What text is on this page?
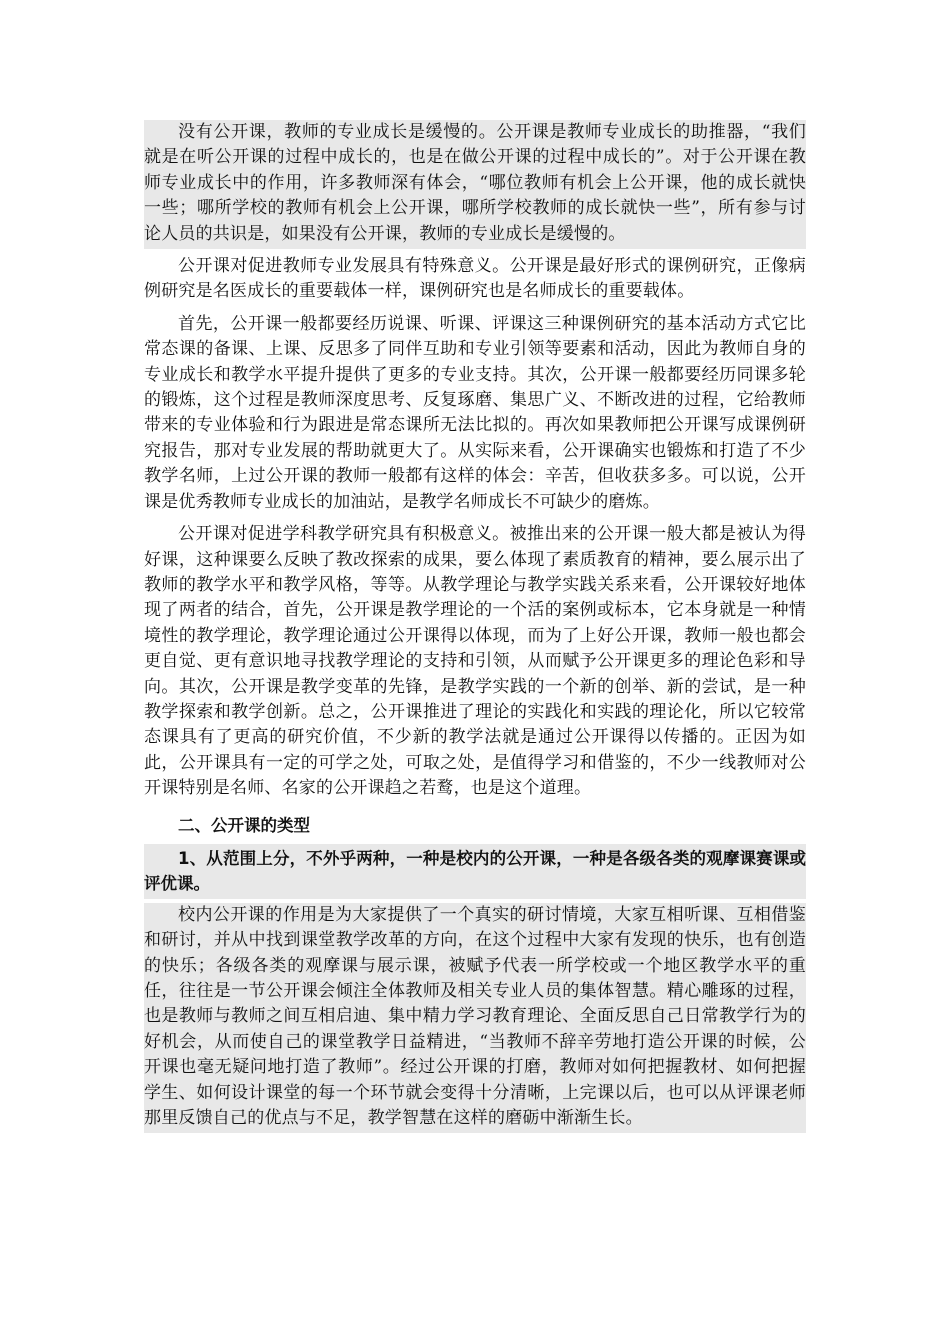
没有公开课，教师的专业成长是缓慢的。公开课是教师专业成长的助推器，“我们就是在听公开课的过程中成长的，也是在做公开课的过程中成长的”。对于公开课在教师专业成长中的作用，许多教师深有体会，“哪位教师有机会上公开课，他的成长就快一些；哪所学校的教师有机会上公开课，哪所学校教师的成长就快一些”，所有参与讨论人员的共识是，如果没有公开课，教师的专业成长是缓慢的。

公开课对促进教师专业发展具有特殊意义。公开课是最好形式的课例研究，正像病例研究是名医成长的重要载体一样，课例研究也是名师成长的重要载体。

首先，公开课一般都要经历说课、听课、评课这三种课例研究的基本活动方式它比常态课的备课、上课、反思多了同伴互助和专业引领等要素和活动，因此为教师自身的专业成长和教学水平提升提供了更多的专业支持。其次，公开课一般都要经历同课多轮的锻炼，这个过程是教师深度思考、反复琢磨、集思广义、不断改进的过程，它给教师带来的专业体验和行为跟进是常态课所无法比拟的。再次如果教师把公开课写成课例研究报告，那对专业发展的帮助就更大了。从实际来看，公开课确实也锻炼和打造了不少教学名师，上过公开课的教师一般都有这样的体会：辛苦，但收获多多。可以说，公开课是优秀教师专业成长的加油站，是教学名师成长不可缺少的磨炼。

公开课对促进学科教学研究具有积极意义。被推出来的公开课一般大都是被认为得好课，这种课要么反映了教改探索的成果，要么体现了素质教育的精神，要么展示出了教师的教学水平和教学风格，等等。从教学理论与教学实践关系来看，公开课较好地体现了两者的结合，首先，公开课是教学理论的一个活的案例或标本，它本身就是一种情境性的教学理论，教学理论通过公开课得以体现，而为了上好公开课，教师一般也都会更自觉、更有意识地寻找教学理论的支持和引领，从而赋予公开课更多的理论色彩和导向。其次，公开课是教学变革的先锋，是教学实践的一个新的创举、新的尝试，是一种教学探索和教学创新。总之，公开课推进了理论的实践化和实践的理论化，所以它较常态课具有了更高的研究价值，不少新的教学法就是通过公开课得以传播的。正因为如此，公开课具有一定的可学之处，可取之处，是值得学习和借鉴的，不少一线教师对公开课特别是名师、名家的公开课趋之若鹜，也是这个道理。

二、公开课的类型

1、从范围上分，不外乎两种，一种是校内的公开课，一种是各级各类的观摩课赛课或评优课。

校内公开课的作用是为大家提供了一个真实的研讨情境，大家互相听课、互相借鉴和研讨，并从中找到课堂教学改革的方向，在这个过程中大家有发现的快乐，也有创造的快乐；各级各类的观摩课与展示课，被赋予代表一所学校或一个地区教学水平的重任，往往是一节公开课会倾注全体教师及相关专业人员的集体智慧。精心雕琢的过程，也是教师与教师之间互相启迪、集中精力学习教育理论、全面反思自己日常教学行为的好机会，从而使自己的课堂教学日益精进，“当教师不辞辛劳地打造公开课的时候，公开课也毫无疑问地打造了教师”。经过公开课的打磨，教师对如何把握教材、如何把握学生、如何设计课堂的每一个环节就会变得十分清晰，上完课以后，也可以从评课老师那里反馈自己的优点与不足，教学智慧在这样的磨砺中渐渐生长。
